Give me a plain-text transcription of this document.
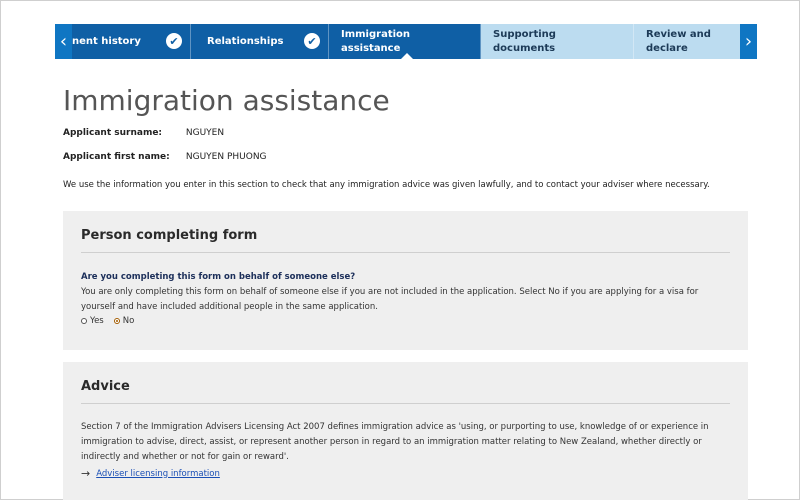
‹ nent history	✔	Relationships	✔
Immigration assistance
Supporting documents
Review and declare	›
Immigration assistance
Applicant surname:	NGUYEN
Applicant first name: NGUYEN PHUONG
We use the information you enter in this section to check that any immigration advice was given lawfully, and to contact your adviser where necessary.
Person completing form
Are you completing this form on behalf of someone else?
You are only completing this form on behalf of someone else if you are not included in the application. Select No if you are applying for a visa for yourself and have included additional people in the same application.
Yes No
Advice
Section 7 of the Immigration Advisers Licensing Act 2007 defines immigration advice as 'using, or purporting to use, knowledge of or experience in immigration to advise, direct, assist, or represent another person in regard to an immigration matter relating to New Zealand, whether directly or indirectly and whether or not for gain or reward'.
→ Adviser licensing information
